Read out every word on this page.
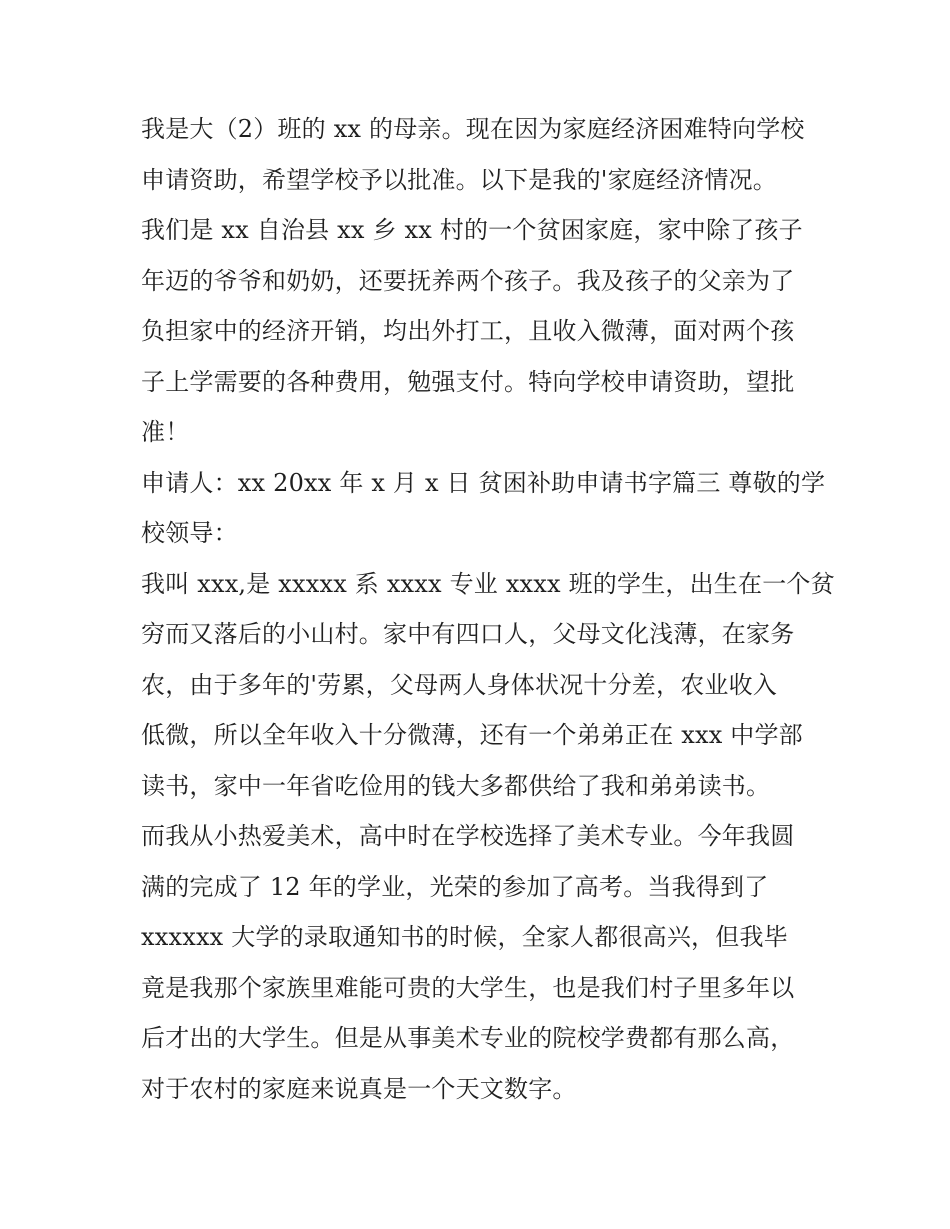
我是大（2）班的 xx 的母亲。现在因为家庭经济困难特向学校
申请资助，希望学校予以批准。以下是我的'家庭经济情况。
我们是 xx 自治县 xx 乡 xx 村的一个贫困家庭，家中除了孩子
年迈的爷爷和奶奶，还要抚养两个孩子。我及孩子的父亲为了
负担家中的经济开销，均出外打工，且收入微薄，面对两个孩
子上学需要的各种费用，勉强支付。特向学校申请资助，望批
准！
申请人：xx 20xx 年 x 月 x 日 贫困补助申请书字篇三 尊敬的学
校领导：
我叫 xxx,是 xxxxx 系 xxxx 专业 xxxx 班的学生，出生在一个贫
穷而又落后的小山村。家中有四口人，父母文化浅薄，在家务
农，由于多年的'劳累，父母两人身体状况十分差，农业收入
低微，所以全年收入十分微薄，还有一个弟弟正在 xxx 中学部
读书，家中一年省吃俭用的钱大多都供给了我和弟弟读书。
而我从小热爱美术，高中时在学校选择了美术专业。今年我圆
满的完成了 12 年的学业，光荣的参加了高考。当我得到了
xxxxxx 大学的录取通知书的时候，全家人都很高兴，但我毕
竟是我那个家族里难能可贵的大学生，也是我们村子里多年以
后才出的大学生。但是从事美术专业的院校学费都有那么高，
对于农村的家庭来说真是一个天文数字。
